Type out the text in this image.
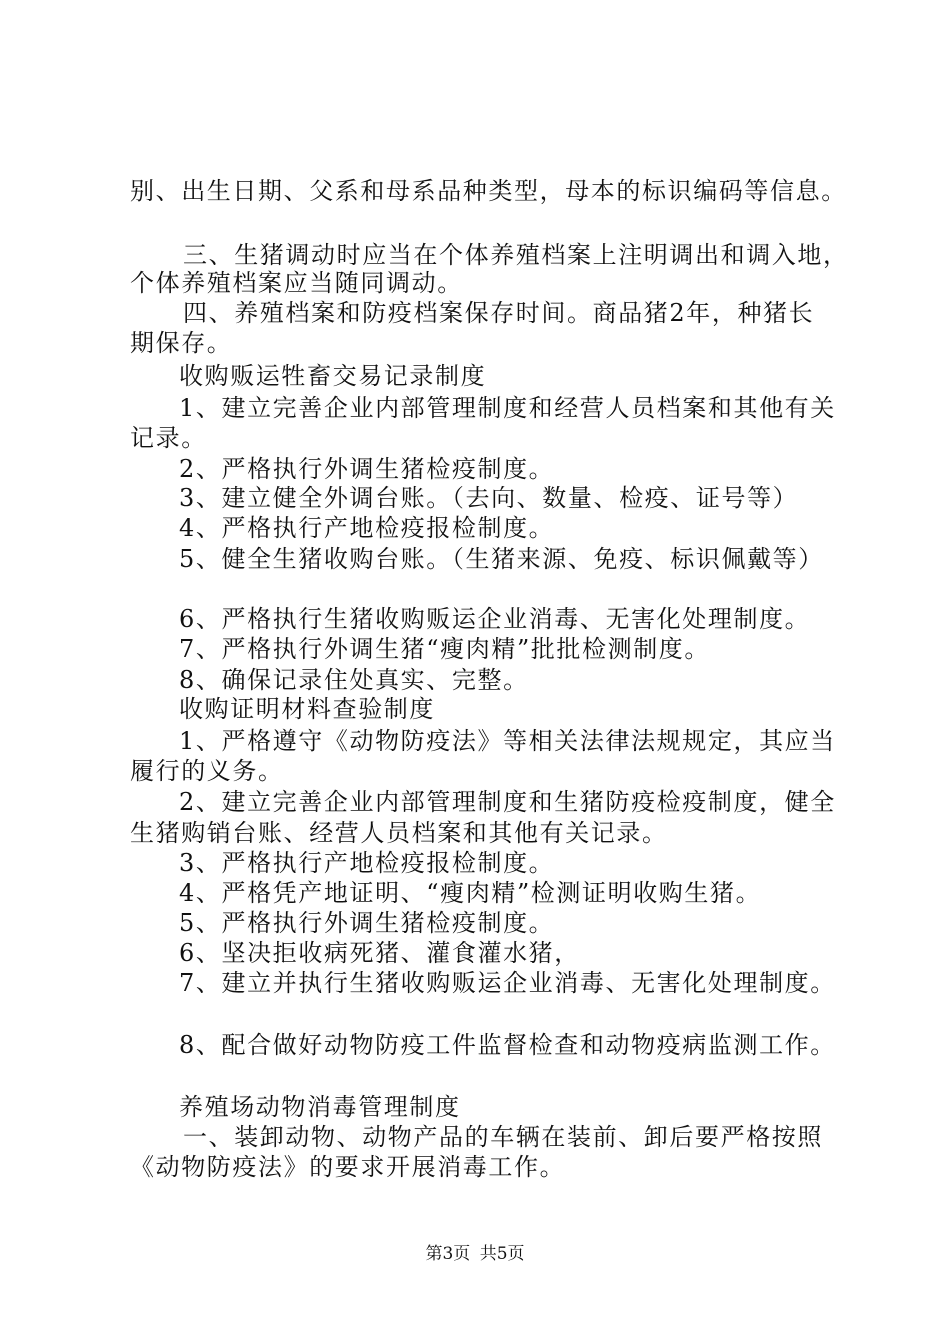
别、出生日期、父系和母系品种类型，母本的标识编码等信息。
三、生猪调动时应当在个体养殖档案上注明调出和调入地，
个体养殖档案应当随同调动。
四、养殖档案和防疫档案保存时间。商品猪2年，种猪长
期保存。
收购贩运牲畜交易记录制度
1、建立完善企业内部管理制度和经营人员档案和其他有关
记录。
2、严格执行外调生猪检疫制度。
3、建立健全外调台账。（去向、数量、检疫、证号等）
4、严格执行产地检疫报检制度。
5、健全生猪收购台账。（生猪来源、免疫、标识佩戴等）
6、严格执行生猪收购贩运企业消毒、无害化处理制度。
7、严格执行外调生猪“瘦肉精”批批检测制度。
8、确保记录住处真实、完整。
收购证明材料查验制度
1、严格遵守《动物防疫法》等相关法律法规规定，其应当
履行的义务。
2、建立完善企业内部管理制度和生猪防疫检疫制度，健全
生猪购销台账、经营人员档案和其他有关记录。
3、严格执行产地检疫报检制度。
4、严格凭产地证明、“瘦肉精”检测证明收购生猪。
5、严格执行外调生猪检疫制度。
6、坚决拒收病死猪、灌食灌水猪，
7、建立并执行生猪收购贩运企业消毒、无害化处理制度。
8、配合做好动物防疫工件监督检查和动物疫病监测工作。
养殖场动物消毒管理制度
一、装卸动物、动物产品的车辆在装前、卸后要严格按照
《动物防疫法》的要求开展消毒工作。
第3页 共5页
